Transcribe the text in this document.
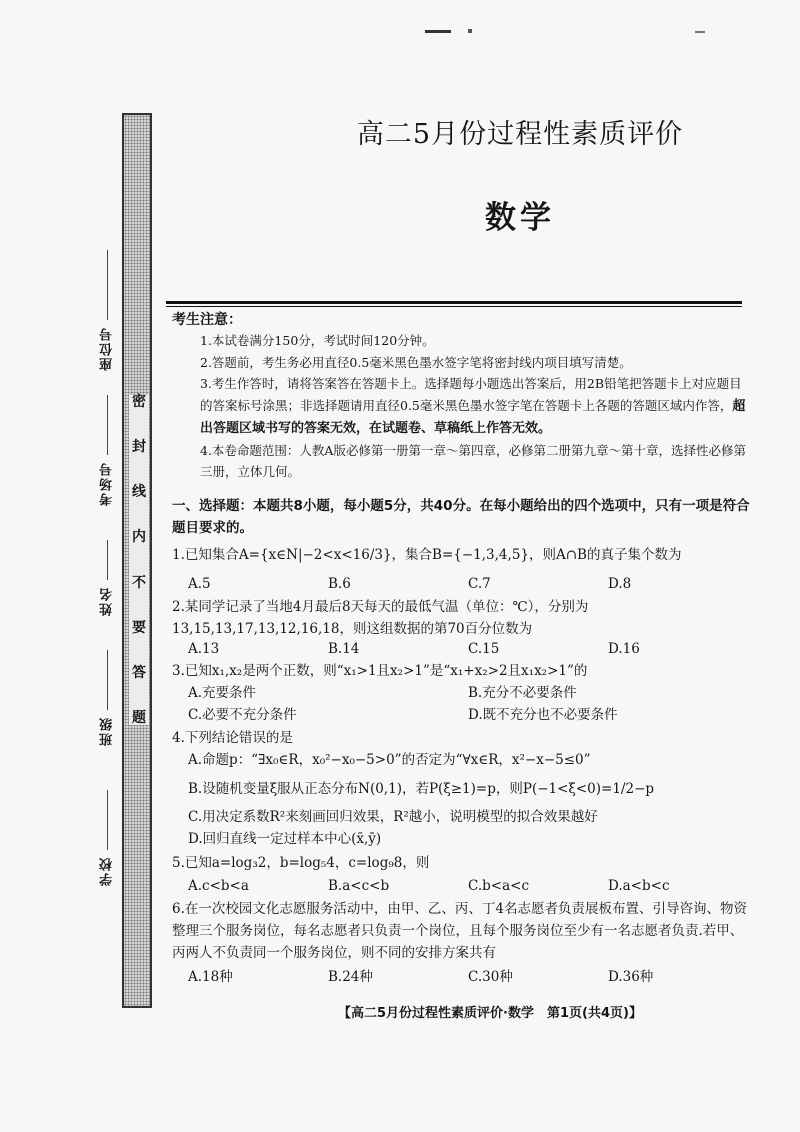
密
封
线
内
不
要
答
题
座位号
考场号
姓名
班级
学校
高二5月份过程性素质评价
数学
考生注意：

1.本试卷满分150分，考试时间120分钟。

2.答题前，考生务必用直径0.5毫米黑色墨水签字笔将密封线内项目填写清楚。

3.考生作答时，请将答案答在答题卡上。选择题每小题选出答案后，用2B铅笔把答题卡上对应题目的答案标号涂黑；非选择题请用直径0.5毫米黑色墨水签字笔在答题卡上各题的答题区域内作答，超出答题区域书写的答案无效，在试题卷、草稿纸上作答无效。

4.本卷命题范围：人教A版必修第一册第一章～第四章，必修第二册第九章～第十章，选择性必修第三册，立体几何。

一、选择题：本题共8小题，每小题5分，共40分。在每小题给出的四个选项中，只有一项是符合题目要求的。
1.已知集合A={x∈N|−2<x<16/3}，集合B={−1,3,4,5}，则A∩B的真子集个数为
A.5	B.6	C.7	D.8
2.某同学记录了当地4月最后8天每天的最低气温（单位：℃），分别为13,15,13,17,13,12,16,18，则这组数据的第70百分位数为
A.13	B.14	C.15	D.16
3.已知x₁,x₂是两个正数，则“x₁>1且x₂>1”是“x₁+x₂>2且x₁x₂>1”的
A.充要条件	B.充分不必要条件
C.必要不充分条件	D.既不充分也不必要条件
4.下列结论错误的是
A.命题p：“∃x₀∈R，x₀²−x₀−5>0”的否定为“∀x∈R，x²−x−5≤0”
B.设随机变量ξ服从正态分布N(0,1)，若P(ξ≥1)=p，则P(−1<ξ<0)=1/2−p
C.用决定系数R²来刻画回归效果，R²越小，说明模型的拟合效果越好
D.回归直线一定过样本中心(x̄,ȳ)
5.已知a=log₃2，b=log₅4，c=log₉8，则
A.c<b<a	B.a<c<b	C.b<a<c	D.a<b<c
6.在一次校园文化志愿服务活动中，由甲、乙、丙、丁4名志愿者负责展板布置、引导咨询、物资整理三个服务岗位，每名志愿者只负责一个岗位，且每个服务岗位至少有一名志愿者负责.若甲、丙两人不负责同一个服务岗位，则不同的安排方案共有
A.18种	B.24种	C.30种	D.36种
【高二5月份过程性素质评价·数学　第1页(共4页)】
